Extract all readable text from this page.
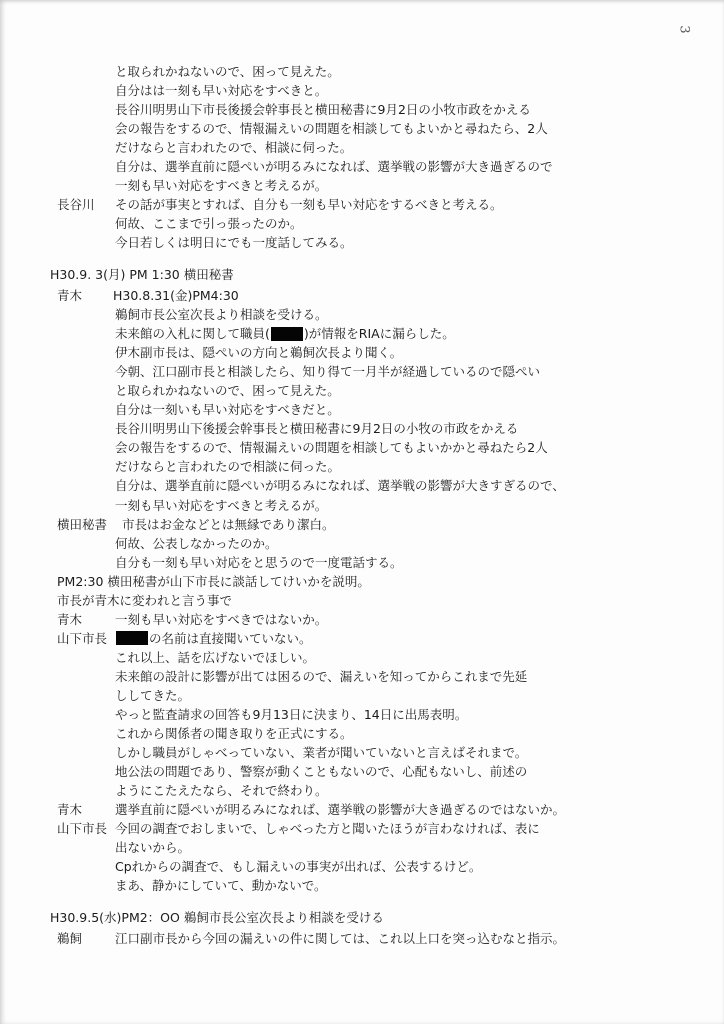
3
と取られかねないので、困って見えた。
自分はは一刻も早い対応をすべきと。
長谷川明男山下市長後援会幹事長と横田秘書に9月2日の小牧市政をかえる
会の報告をするので、情報漏えいの問題を相談してもよいかと尋ねたら、2人
だけならと言われたので、相談に伺った。
自分は、選挙直前に隠ぺいが明るみになれば、選挙戦の影響が大き過ぎるので
一刻も早い対応をすべきと考えるが。
長谷川 その話が事実とすれば、自分も一刻も早い対応をするべきと考える。
何故、ここまで引っ張ったのか。
今日若しくは明日にでも一度話してみる。
H30.9. 3(月) PM 1:30 横田秘書
青木 H30.8.31(金)PM4:30
鵜飼市長公室次長より相談を受ける。
未来館の入札に関して職員(	)が情報をRIAに漏らした。
伊木副市長は、隠ぺいの方向と鵜飼次長より聞く。
今朝、江口副市長と相談したら、知り得て一月半が経過しているので隠ぺい
と取られかねないので、困って見えた。
自分は一刻いも早い対応をすべきだと。
長谷川明男山下後援会幹事長と横田秘書に9月2日の小牧の市政をかえる
会の報告をするので、情報漏えいの問題を相談してもよいかかと尋ねたら2人
だけならと言われたので相談に伺った。
自分は、選挙直前に隠ぺいが明るみになれば、選挙戦の影響が大きすぎるので、
一刻も早い対応をすべきと考えるが。
横田秘書 市長はお金などとは無縁であり潔白。
何故、公表しなかったのか。
自分も一刻も早い対応をと思うので一度電話する。
PM2:30 横田秘書が山下市長に談話してけいかを説明。
市長が青木に変われと言う事で
青木	一刻も早い対応をすべきではないか。
山下市長	の名前は直接聞いていない。
これ以上、話を広げないでほしい。
未来館の設計に影響が出ては困るので、漏えいを知ってからこれまで先延
ししてきた。
やっと監査請求の回答も9月13日に決まり、14日に出馬表明。
これから関係者の聞き取りを正式にする。
しかし職員がしゃべっていない、業者が聞いていないと言えばそれまで。
地公法の問題であり、警察が動くこともないので、心配もないし、前述の
ようにこたえたなら、それで終わり。
青木	選挙直前に隠ぺいが明るみになれば、選挙戦の影響が大き過ぎるのではないか。
山下市長 今回の調査でおしまいで、しゃべった方と聞いたほうが言わなければ、表に
出ないから。
Cpれからの調査で、もし漏えいの事実が出れば、公表するけど。
まあ、静かにしていて、動かないで。
H30.9.5(水)PM2：OO 鵜飼市長公室次長より相談を受ける
鵜飼	江口副市長から今回の漏えいの件に関しては、これ以上口を突っ込むなと指示。
